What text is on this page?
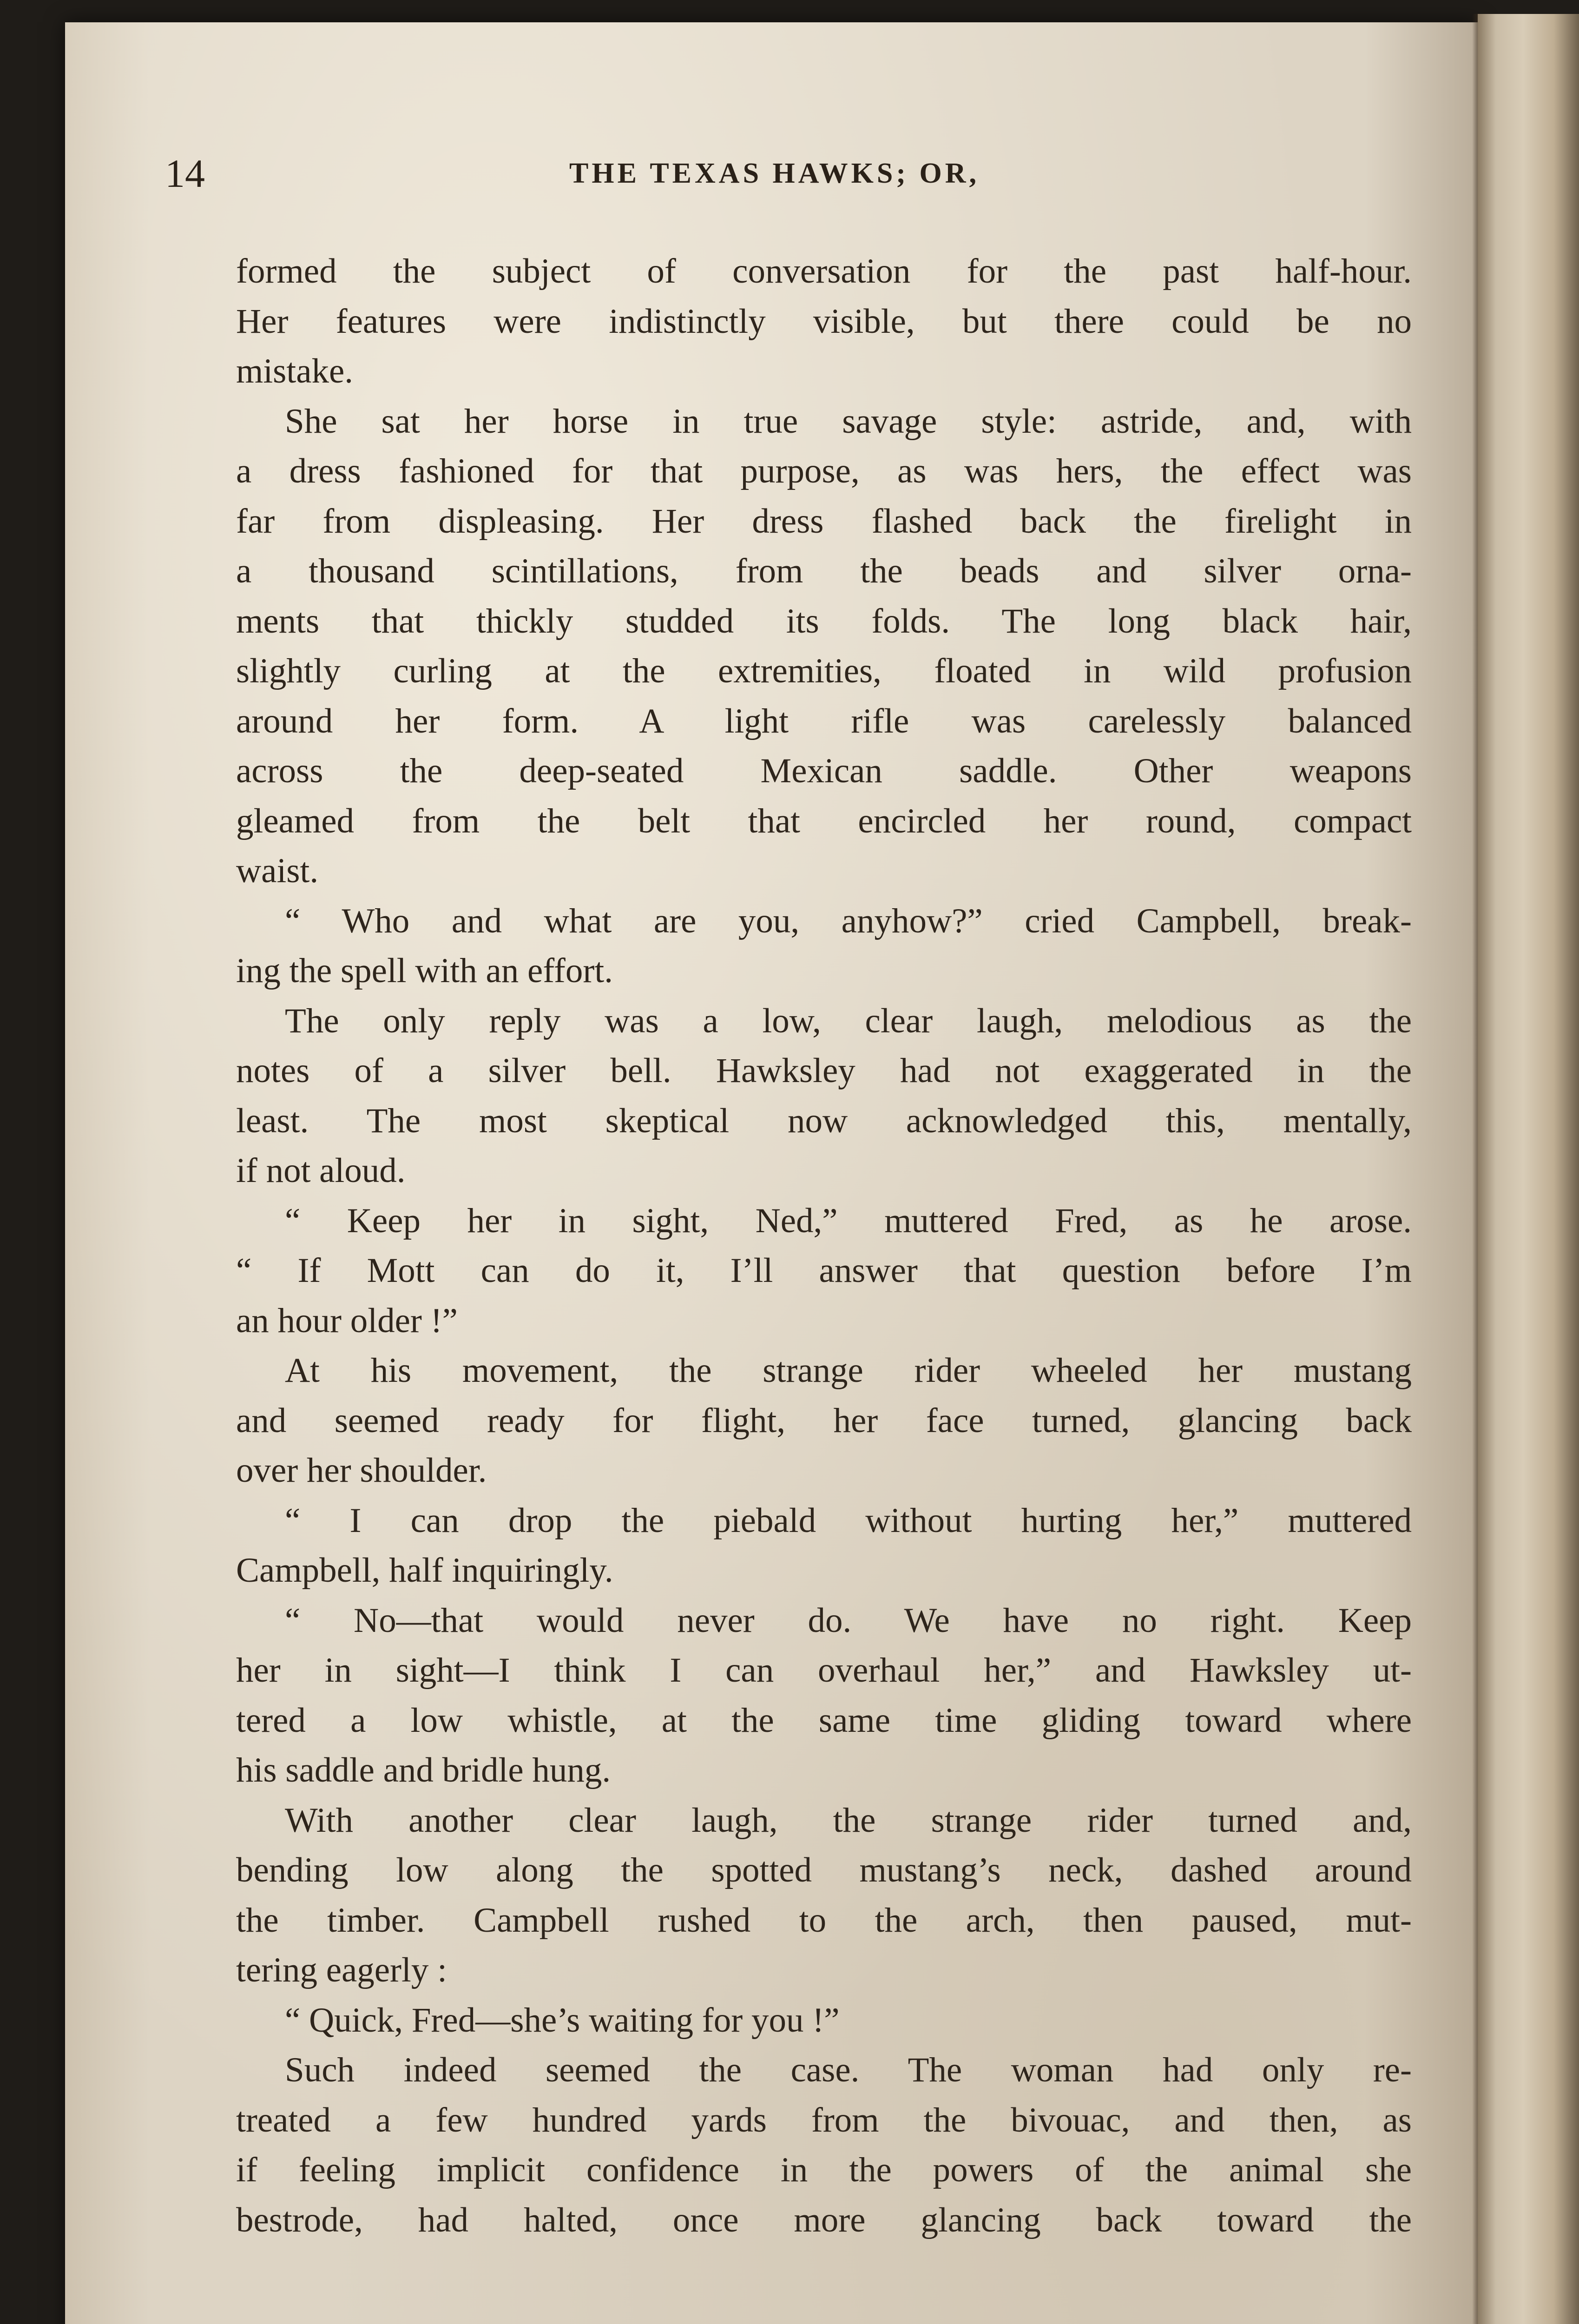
14	THE TEXAS HAWKS; OR,
formed the subject of conversation for the past half-hour.
Her features were indistinctly visible, but there could be no
mistake.
She sat her horse in true savage style: astride, and, with
a dress fashioned for that purpose, as was hers, the effect was
far from displeasing. Her dress flashed back the firelight in
a thousand scintillations, from the beads and silver orna-
ments that thickly studded its folds. The long black hair,
slightly curling at the extremities, floated in wild profusion
around her form. A light rifle was carelessly balanced
across the deep-seated Mexican saddle. Other weapons
gleamed from the belt that encircled her round, compact
waist.
“ Who and what are you, anyhow?” cried Campbell, break-
ing the spell with an effort.
The only reply was a low, clear laugh, melodious as the
notes of a silver bell. Hawksley had not exaggerated in the
least. The most skeptical now acknowledged this, mentally,
if not aloud.
“ Keep her in sight, Ned,” muttered Fred, as he arose.
“ If Mott can do it, I’ll answer that question before I’m
an hour older !”
At his movement, the strange rider wheeled her mustang
and seemed ready for flight, her face turned, glancing back
over her shoulder.
“ I can drop the piebald without hurting her,” muttered
Campbell, half inquiringly.
“ No—that would never do. We have no right. Keep
her in sight—I think I can overhaul her,” and Hawksley ut-
tered a low whistle, at the same time gliding toward where
his saddle and bridle hung.
With another clear laugh, the strange rider turned and,
bending low along the spotted mustang’s neck, dashed around
the timber. Campbell rushed to the arch, then paused, mut-
tering eagerly :
“ Quick, Fred—she’s waiting for you !”
Such indeed seemed the case. The woman had only re-
treated a few hundred yards from the bivouac, and then, as
if feeling implicit confidence in the powers of the animal she
bestrode, had halted, once more glancing back toward the
